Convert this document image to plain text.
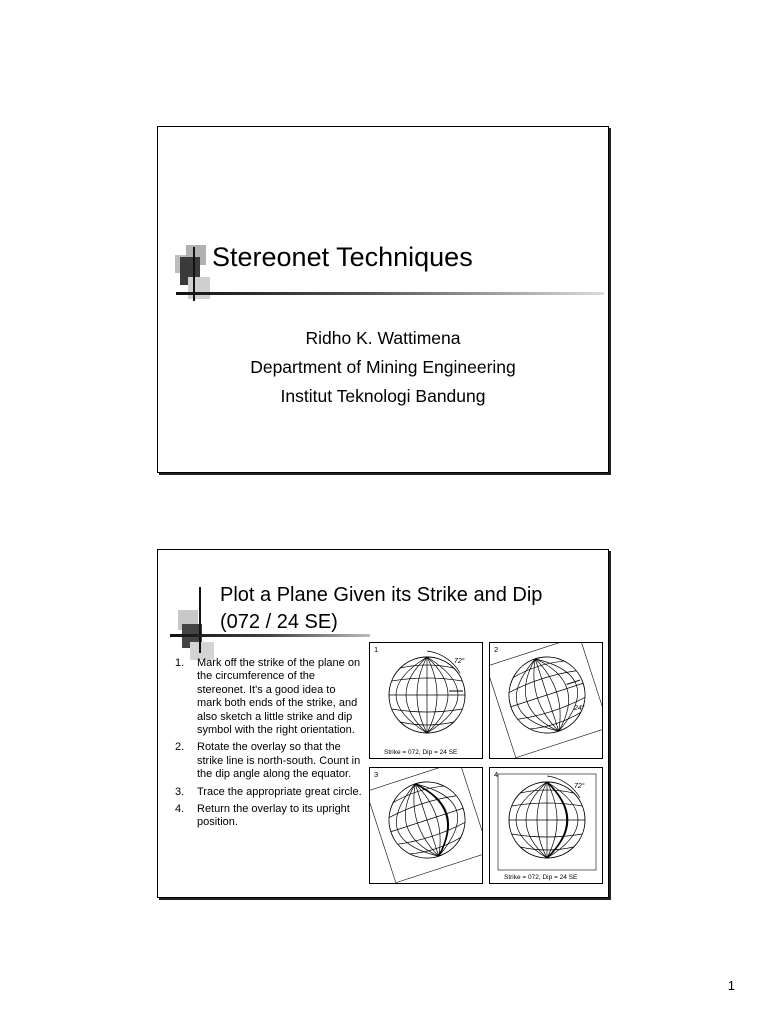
Stereonet Techniques
Ridho K. Wattimena
Department of Mining Engineering
Institut Teknologi Bandung
Plot a Plane Given its Strike and Dip
(072 / 24 SE)
1. Mark off the strike of the plane on the circumference of the stereonet. It's a good idea to mark both ends of the strike, and also sketch a little strike and dip symbol with the right orientation.
2. Rotate the overlay so that the strike line is north-south. Count in the dip angle along the equator.
3. Trace the appropriate great circle.
4. Return the overlay to its upright position.
1
72°
Strike = 072, Dip = 24 SE
2
24°
3	4
72°
Strike = 072, Dip = 24 SE
1
